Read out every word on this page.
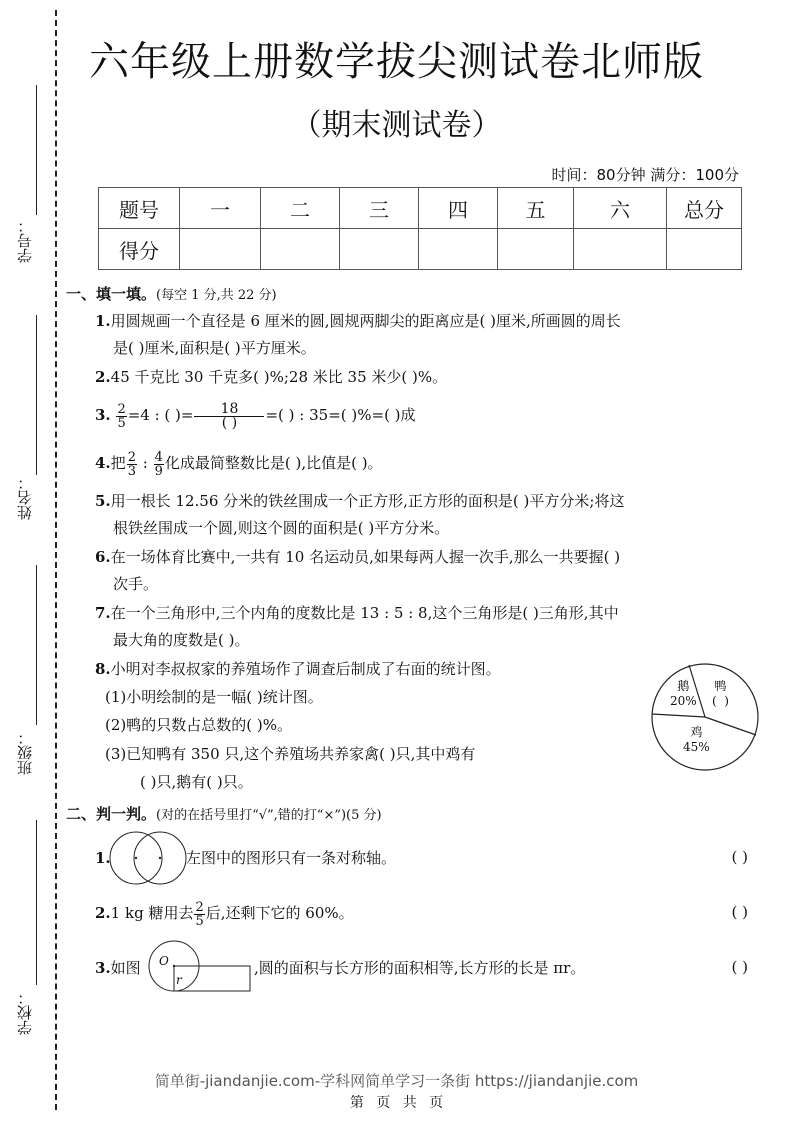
学号：
姓名：
班级：
学校：
六年级上册数学拔尖测试卷北师版
（期末测试卷）
时间：80分钟 满分：100分
题号	一	二	三	四	五	六	总分
得分							
一、填一填。(每空 1 分,共 22 分)
1.用圆规画一个直径是 6 厘米的圆,圆规两脚尖的距离应是( )厘米,所画圆的周长
是( )厘米,面积是( )平方厘米。
2.45 千克比 30 千克多( )%;28 米比 35 米少( )%。
3. $\frac{2}{5} =4$ : ( )= $\frac{18}{( )}$ =( ) : 35=( )%=( )成
4.把 $\frac{2}{3}$ : $\frac{4}{9}$ 化成最简整数比是( ),比值是( )。
5.用一根长 12.56 分米的铁丝围成一个正方形,正方形的面积是( )平方分米;将这
根铁丝围成一个圆,则这个圆的面积是( )平方分米。
6.在一场体育比赛中,一共有 10 名运动员,如果每两人握一次手,那么一共要握( )
次手。
7.在一个三角形中,三个内角的度数比是 13 : 5 : 8,这个三角形是( )三角形,其中
最大角的度数是( )。
8.小明对李叔叔家的养殖场作了调查后制成了右面的统计图。
(1)小明绘制的是一幅( )统计图。
(2)鸭的只数占总数的( )%。
(3)已知鸭有 350 只,这个养殖场共养家禽( )只,其中鸡有
( )只,鹅有( )只。
鹅
20%
鸭
(  )
鸡
45%
二、判一判。(对的在括号里打“√”,错的打“×”)(5 分)
1.	左图中的图形只有一条对称轴。	( )
2.1 kg 糖用去 $\frac{2}{5}$ 后,还剩下它的 60%。	( )
3.如图 O
r
,圆的面积与长方形的面积相等,长方形的长是 πr。	( )
简单街-jiandanjie.com-学科网简单学习一条街 https://jiandanjie.com
第 页 共 页
